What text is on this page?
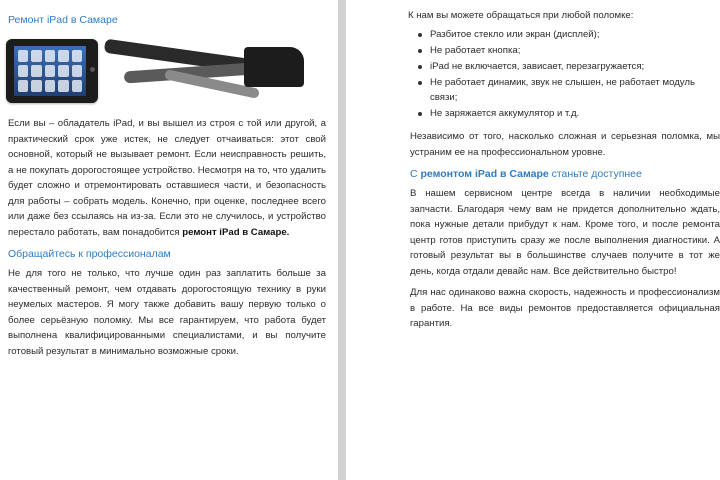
Ремонт iPad в Самаре

Если вы – обладатель iPad, и вы вышел из строя с той или другой, а практический срок уже истек, не следует отчаиваться: этот свой основной, который не вызывает ремонт. Если неисправность решить, а не покупать дорогостоящее устройство. Несмотря на то, что удалить будет сложно и отремонтировать оставшиеся части, и безопасность для работы – собрать модель. Конечно, при оценке, последнее всего или даже без ссылаясь на из-за. Если это не случилось, и устройство перестало работать, вам понадобится ремонт iPad в Самаре.

Обращайтесь к профессионалам

Не для того не только, что лучше один раз заплатить больше за качественный ремонт, чем отдавать дорогостоящую технику в руки неумелых мастеров. Я могу также добавить вашу первую только о более серьёзную поломку. Мы все гарантируем, что работа будет выполнена квалифицированными специалистами, и вы получите готовый результат в минимально возможные сроки.

К нам вы можете обращаться при любой поломке:
Разбитое стекло или экран (дисплей);
Не работает кнопка;
iPad не включается, зависает, перезагружается;
Не работает динамик, звук не слышен, не работает модуль связи;
Не заряжается аккумулятор и т.д.

Независимо от того, насколько сложная и серьезная поломка, мы устраним ее на профессиональном уровне.

С ремонтом iPad в Самаре станьте доступнее

В нашем сервисном центре всегда в наличии необходимые запчасти. Благодаря чему вам не придется дополнительно ждать, пока нужные детали прибудут к нам. Кроме того, и после ремонта центр готов приступить сразу же после выполнения диагностики. А готовый результат вы в большинстве случаев получите в тот же день, когда отдали девайс нам. Все действительно быстро!

Для нас одинаково важна скорость, надежность и профессионализм в работе. На все виды ремонтов предоставляется официальная гарантия.
